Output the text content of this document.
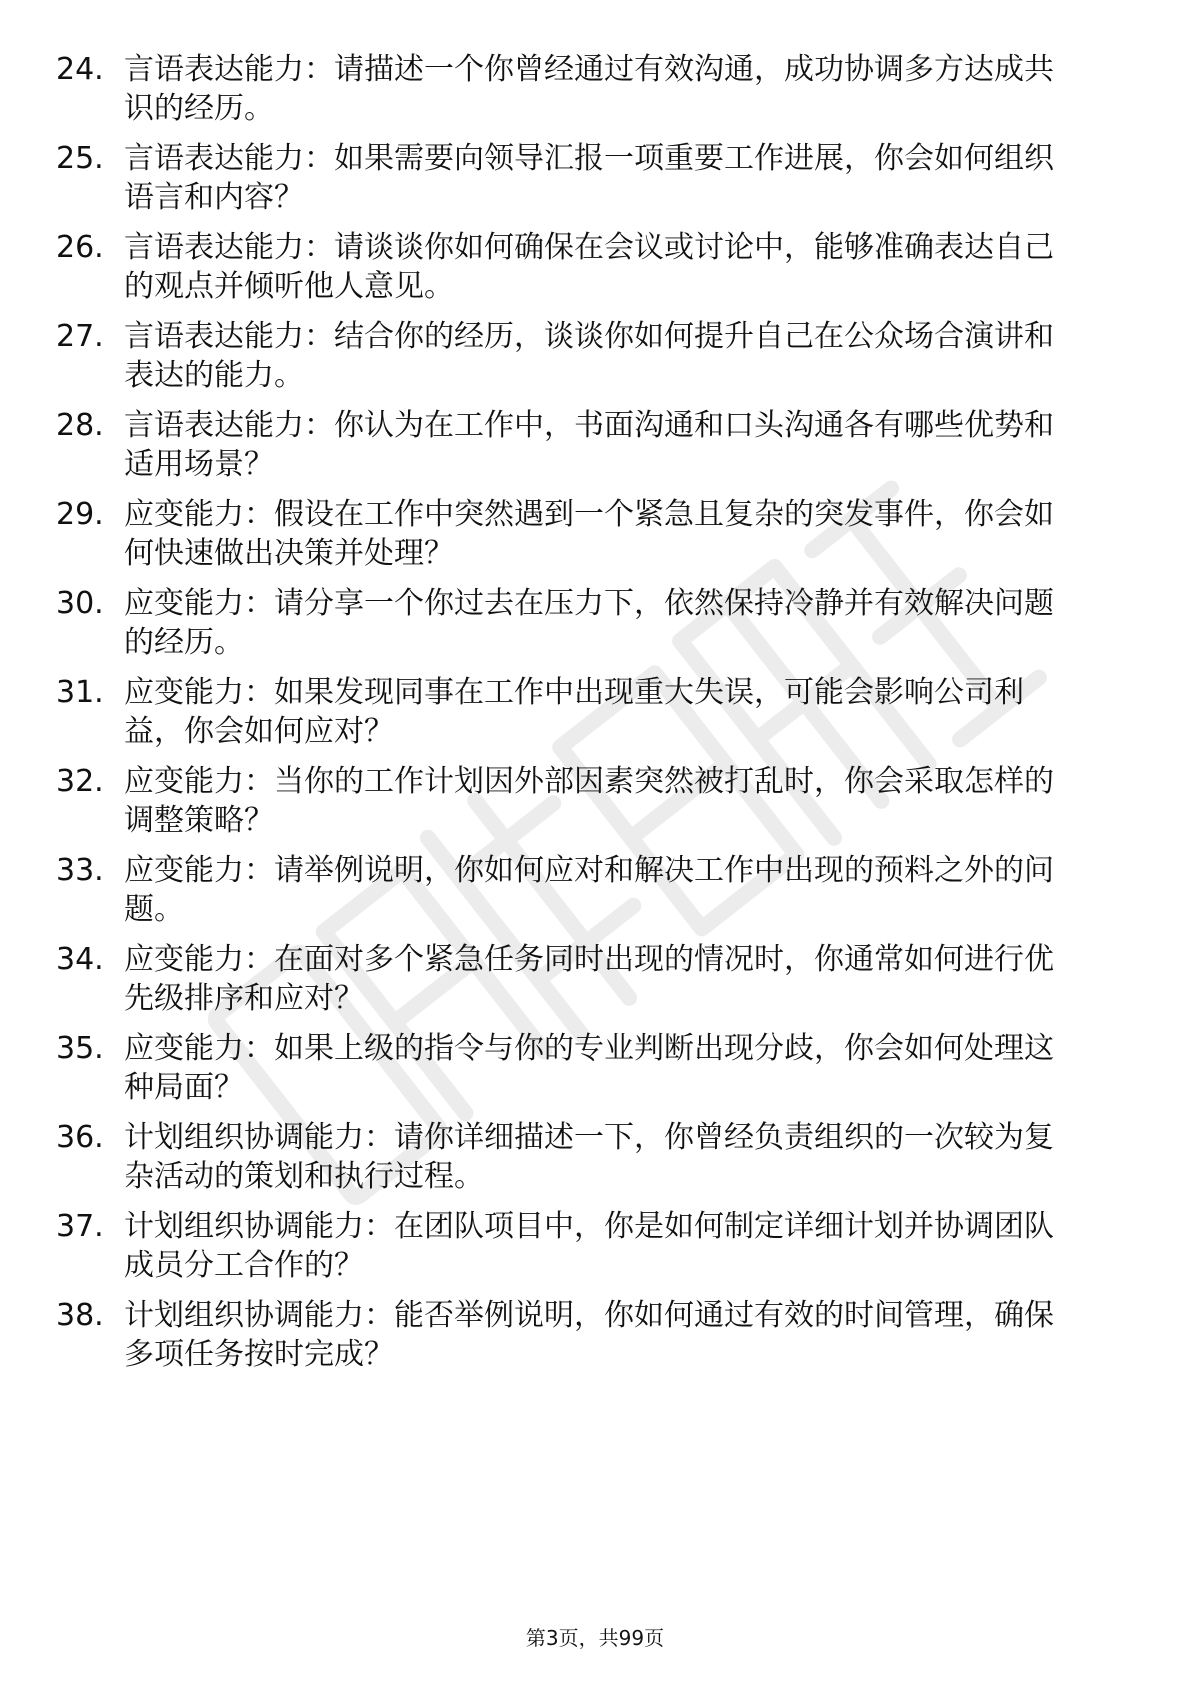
24. 言语表达能力：请描述一个你曾经通过有效沟通，成功协调多方达成共识的经历。
25. 言语表达能力：如果需要向领导汇报一项重要工作进展，你会如何组织语言和内容？
26. 言语表达能力：请谈谈你如何确保在会议或讨论中，能够准确表达自己的观点并倾听他人意见。
27. 言语表达能力：结合你的经历，谈谈你如何提升自己在公众场合演讲和表达的能力。
28. 言语表达能力：你认为在工作中，书面沟通和口头沟通各有哪些优势和适用场景？
29. 应变能力：假设在工作中突然遇到一个紧急且复杂的突发事件，你会如何快速做出决策并处理？
30. 应变能力：请分享一个你过去在压力下，依然保持冷静并有效解决问题的经历。
31. 应变能力：如果发现同事在工作中出现重大失误，可能会影响公司利益，你会如何应对？
32. 应变能力：当你的工作计划因外部因素突然被打乱时，你会采取怎样的调整策略？
33. 应变能力：请举例说明，你如何应对和解决工作中出现的预料之外的问题。
34. 应变能力：在面对多个紧急任务同时出现的情况时，你通常如何进行优先级排序和应对？
35. 应变能力：如果上级的指令与你的专业判断出现分歧，你会如何处理这种局面？
36. 计划组织协调能力：请你详细描述一下，你曾经负责组织的一次较为复杂活动的策划和执行过程。
37. 计划组织协调能力：在团队项目中，你是如何制定详细计划并协调团队成员分工合作的？
38. 计划组织协调能力：能否举例说明，你如何通过有效的时间管理，确保多项任务按时完成？
第3页，共99页
